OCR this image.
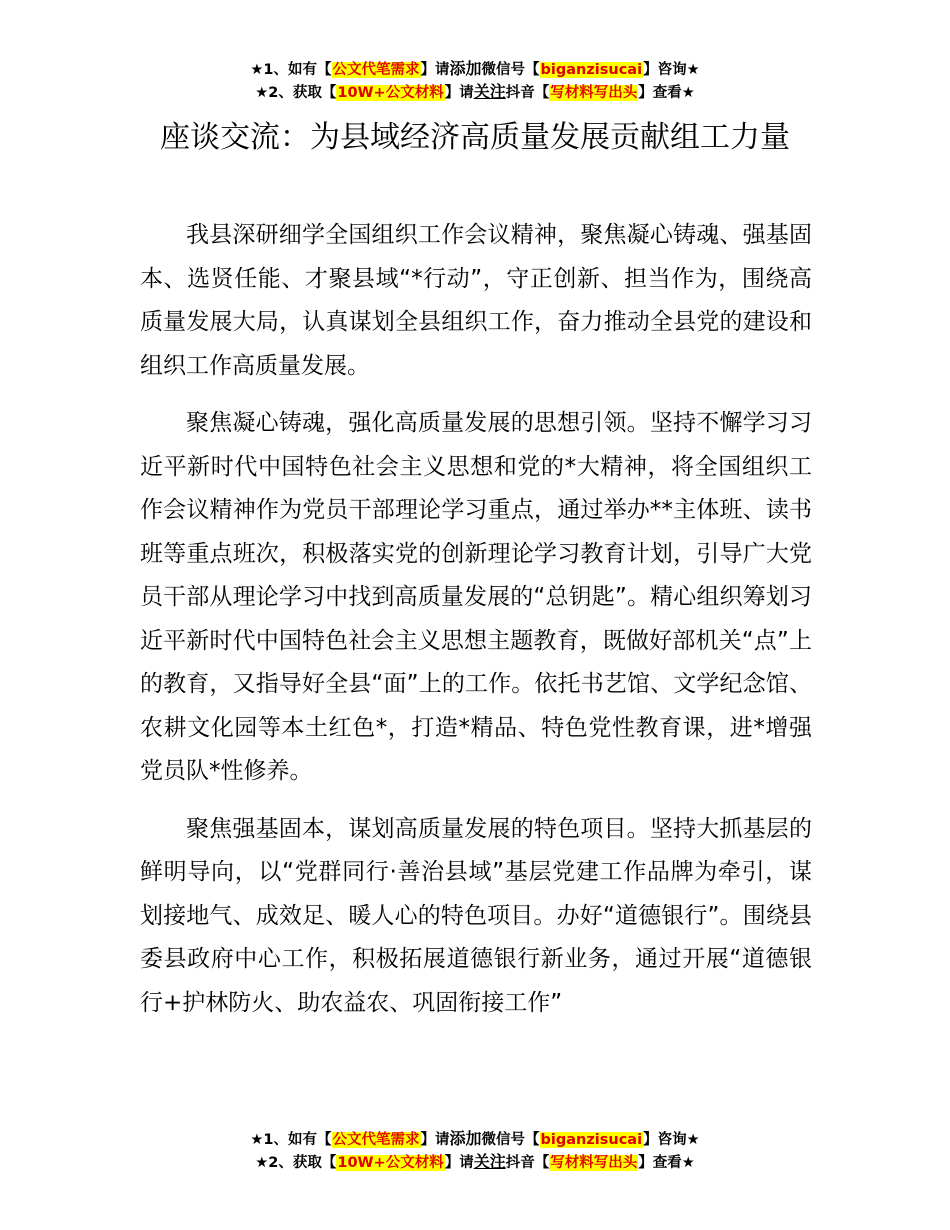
★1、如有【公文代笔需求】请添加微信号【biganzisucai】咨询★
★2、获取【10W+公文材料】请关注抖音【写材料写出头】查看★
座谈交流：为县域经济高质量发展贡献组工力量

我县深研细学全国组织工作会议精神，聚焦凝心铸魂、强基固本、选贤任能、才聚县域“*行动”，守正创新、担当作为，围绕高质量发展大局，认真谋划全县组织工作，奋力推动全县党的建设和组织工作高质量发展。

聚焦凝心铸魂，强化高质量发展的思想引领。坚持不懈学习习近平新时代中国特色社会主义思想和党的*大精神，将全国组织工作会议精神作为党员干部理论学习重点，通过举办**主体班、读书班等重点班次，积极落实党的创新理论学习教育计划，引导广大党员干部从理论学习中找到高质量发展的“总钥匙”。精心组织筹划习近平新时代中国特色社会主义思想主题教育，既做好部机关“点”上的教育，又指导好全县“面”上的工作。依托书艺馆、文学纪念馆、农耕文化园等本土红色*，打造*精品、特色党性教育课，进*增强党员队*性修养。

聚焦强基固本，谋划高质量发展的特色项目。坚持大抓基层的鲜明导向，以“党群同行·善治县域”基层党建工作品牌为牵引，谋划接地气、成效足、暖人心的特色项目。办好“道德银行”。围绕县委县政府中心工作，积极拓展道德银行新业务，通过开展“道德银行+护林防火、助农益农、巩固衔接工作”

★1、如有【公文代笔需求】请添加微信号【biganzisucai】咨询★
★2、获取【10W+公文材料】请关注抖音【写材料写出头】查看★
